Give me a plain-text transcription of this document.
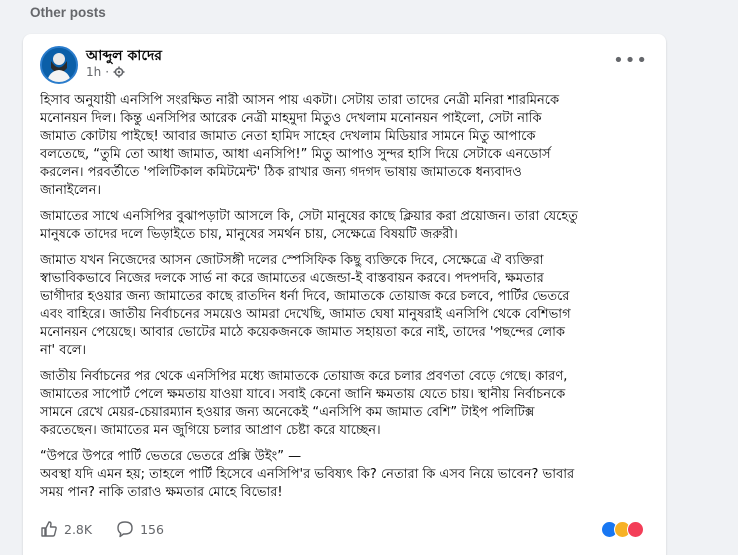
Other posts
আব্দুল কাদের
1h ·
•••
হিসাব অনুযায়ী এনসিপি সংরক্ষিত নারী আসন পায় একটা। সেটায় তারা তাদের নেত্রী মনিরা শারমিনকে
মনোনয়ন দিল। কিন্তু এনসিপির আরেক নেত্রী মাহমুদা মিতুও দেখলাম মনোনয়ন পাইলো, সেটা নাকি
জামাত কোটায় পাইছে! আবার জামাত নেতা হামিদ সাহেব দেখলাম মিডিয়ার সামনে মিতু আপাকে
বলতেছে, “তুমি তো আধা জামাত, আধা এনসিপি!” মিতু আপাও সুন্দর হাসি দিয়ে সেটাকে এনডোর্স
করলেন। পরবর্তীতে 'পলিটিকাল কমিটমেন্ট' ঠিক রাখার জন্য গদগদ ভাষায় জামাতকে ধন্যবাদও
জানাইলেন।
জামাতের সাথে এনসিপির বুঝাপড়াটা আসলে কি, সেটা মানুষের কাছে ক্লিয়ার করা প্রয়োজন। তারা যেহেতু
মানুষকে তাদের দলে ভিড়াইতে চায়, মানুষের সমর্থন চায়, সেক্ষেত্রে বিষয়টি জরুরী।
জামাত যখন নিজেদের আসন জোটসঙ্গী দলের স্পেসিফিক কিছু ব্যক্তিকে দিবে, সেক্ষেত্রে ঐ ব্যক্তিরা
স্বাভাবিকভাবে নিজের দলকে সার্ভ না করে জামাতের এজেন্ডা-ই বাস্তবায়ন করবে। পদপদবি, ক্ষমতার
ভাগীদার হওয়ার জন্য জামাতের কাছে রাতদিন ধর্না দিবে, জামাতকে তোয়াজ করে চলবে, পার্টির ভেতরে
এবং বাহিরে। জাতীয় নির্বাচনের সময়েও আমরা দেখেছি, জামাত ঘেষা মানুষরাই এনসিপি থেকে বেশিভাগ
মনোনয়ন পেয়েছে। আবার ভোটের মাঠে কয়েকজনকে জামাত সহায়তা করে নাই, তাদের 'পছন্দের লোক
না' বলে।
জাতীয় নির্বাচনের পর থেকে এনসিপির মধ্যে জামাতকে তোয়াজ করে চলার প্রবণতা বেড়ে গেছে। কারণ,
জামাতের সাপোর্ট পেলে ক্ষমতায় যাওয়া যাবে। সবাই কেনো জানি ক্ষমতায় যেতে চায়। স্থানীয় নির্বাচনকে
সামনে রেখে মেয়র-চেয়ারম্যান হওয়ার জন্য অনেকেই “এনসিপি কম জামাত বেশি” টাইপ পলিটিক্স
করতেছেন। জামাতের মন জুগিয়ে চলার আপ্রাণ চেষ্টা করে যাচ্ছেন।
“উপরে উপরে পার্টি ভেতরে ভেতরে প্রক্সি উইং” —
অবস্থা যদি এমন হয়; তাহলে পার্টি হিসেবে এনসিপি'র ভবিষ্যৎ কি? নেতারা কি এসব নিয়ে ভাবেন? ভাবার
সময় পান? নাকি তারাও ক্ষমতার মোহে বিভোর!
2.8K	156
